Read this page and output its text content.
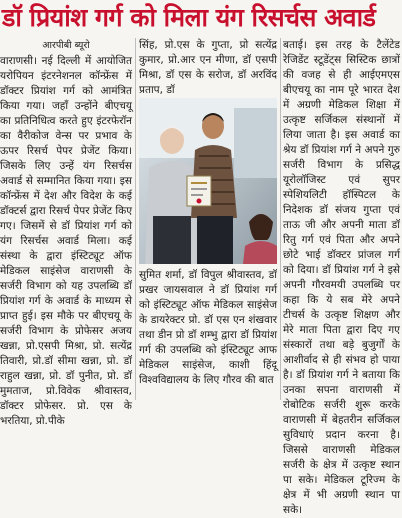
डॉ प्रियांश गर्ग को मिला यंग रिसर्चस अवार्ड
आरपीबी ब्यूरो

वाराणसी। नई दिल्ली में आयोजित यरोपियन इंटरनेशनल कॉन्फ्रेंस में डॉक्टर प्रियांश गर्ग को आमंत्रित किया गया। जहाँ उन्होंने बीएचयू का प्रतिनिधित्व करते हुए इंटरफेरॉन का वैरीकोज वेन्स पर प्रभाव के ऊपर रिसर्च पेपर प्रेजेंट किया। जिसके लिए उन्हें यंग रिसर्चस अवार्ड से सम्मानित किया गया। इस कॉन्फ्रेंस में देश और विदेश के कई डॉक्टर्स द्वारा रिसर्च पेपर प्रेजेंट किए गए। जिसमें से डॉ प्रियांश गर्ग को यंग रिसर्चस अवार्ड मिला। कई संस्था के द्वारा इंस्टिट्यूट ऑफ मेडिकल साइंसेज वाराणसी के सर्जरी विभाग को यह उपलब्धि डॉ प्रियांश गर्ग के अवार्ड के माध्यम से प्राप्त हुई। इस मौके पर बीएचयू के सर्जरी विभाग के प्रोफेसर अजय खन्ना, प्रो.एसपी मिश्रा, प्रो. सत्येंद्र तिवारी, प्रो.डॉ सीमा खन्ना, प्रो. डॉ राहुल खन्ना, प्रो. डॉ पुनीत, प्रो. डॉ मुमताज, प्रो.विवेक श्रीवास्तव, डॉक्टर प्रोफेसर. प्रो. एस के भरतिया, प्रो.पीके

सिंह, प्रो.एस के गुप्ता, प्रो सत्येंद्र कुमार, प्रो.आर एन मीणा, डॉ एसपी मिश्रा, डॉ एस के सरोज, डॉ अरविंद प्रताप, डॉ

सुमित शर्मा, डॉ विपुल श्रीवास्तव, डॉ प्रखर जायसवाल ने डॉ प्रियांश गर्ग को इंस्टिट्यूट ऑफ मेडिकल साइंसेज के डायरेक्टर प्रो. डॉ एस एन शंखवार तथा डीन प्रो डॉ शम्भु द्वारा डॉ प्रियांश गर्ग की उपलब्धि को इंस्टिट्यूट आफ मेडिकल साइंसेज, काशी हिंदू विश्वविद्यालय के लिए गौरव की बात

बताई। इस तरह के टैलेंटेड रेजिडेंट स्टूडेंट्स सिस्टिक छात्रों की वजह से ही आईएमएस बीएचयू का नाम पूरे भारत देश में अग्रणी मेडिकल शिक्षा में उत्कृष्ट सर्जिकल संस्थानों में लिया जाता है। इस अवार्ड का श्रेय डॉ प्रियांश गर्ग ने अपने गुरु सर्जरी विभाग के प्रसिद्ध यूरोलॉजिस्ट एवं सुपर स्पेशियलिटी हॉस्पिटल के निदेशक डॉ संजय गुप्ता एवं ताऊ जी और अपनी माता डॉ रितु गर्ग एवं पिता और अपने छोटे भाई डॉक्टर प्रांजल गर्ग को दिया। डॉ प्रियांश गर्ग ने इसे अपनी गौरवमयी उपलब्धि पर कहा कि ये सब मेरे अपने टीचर्स के उत्कृष्ट शिक्षण और मेरे माता पिता द्वारा दिए गए संस्कारों तथा बड़े बुजुर्गों के आशीर्वाद से ही संभव हो पाया है। डॉ प्रियांश गर्ग ने बताया कि उनका सपना वाराणसी में रोबोटिक सर्जरी शुरू करके वाराणसी में बेहतरीन सर्जिकल सुविधाएं प्रदान करना है। जिससे वाराणसी मेडिकल सर्जरी के क्षेत्र में उत्कृष्ट स्थान पा सके। मेडिकल टूरिज्म के क्षेत्र में भी अग्रणी स्थान पा सके।
